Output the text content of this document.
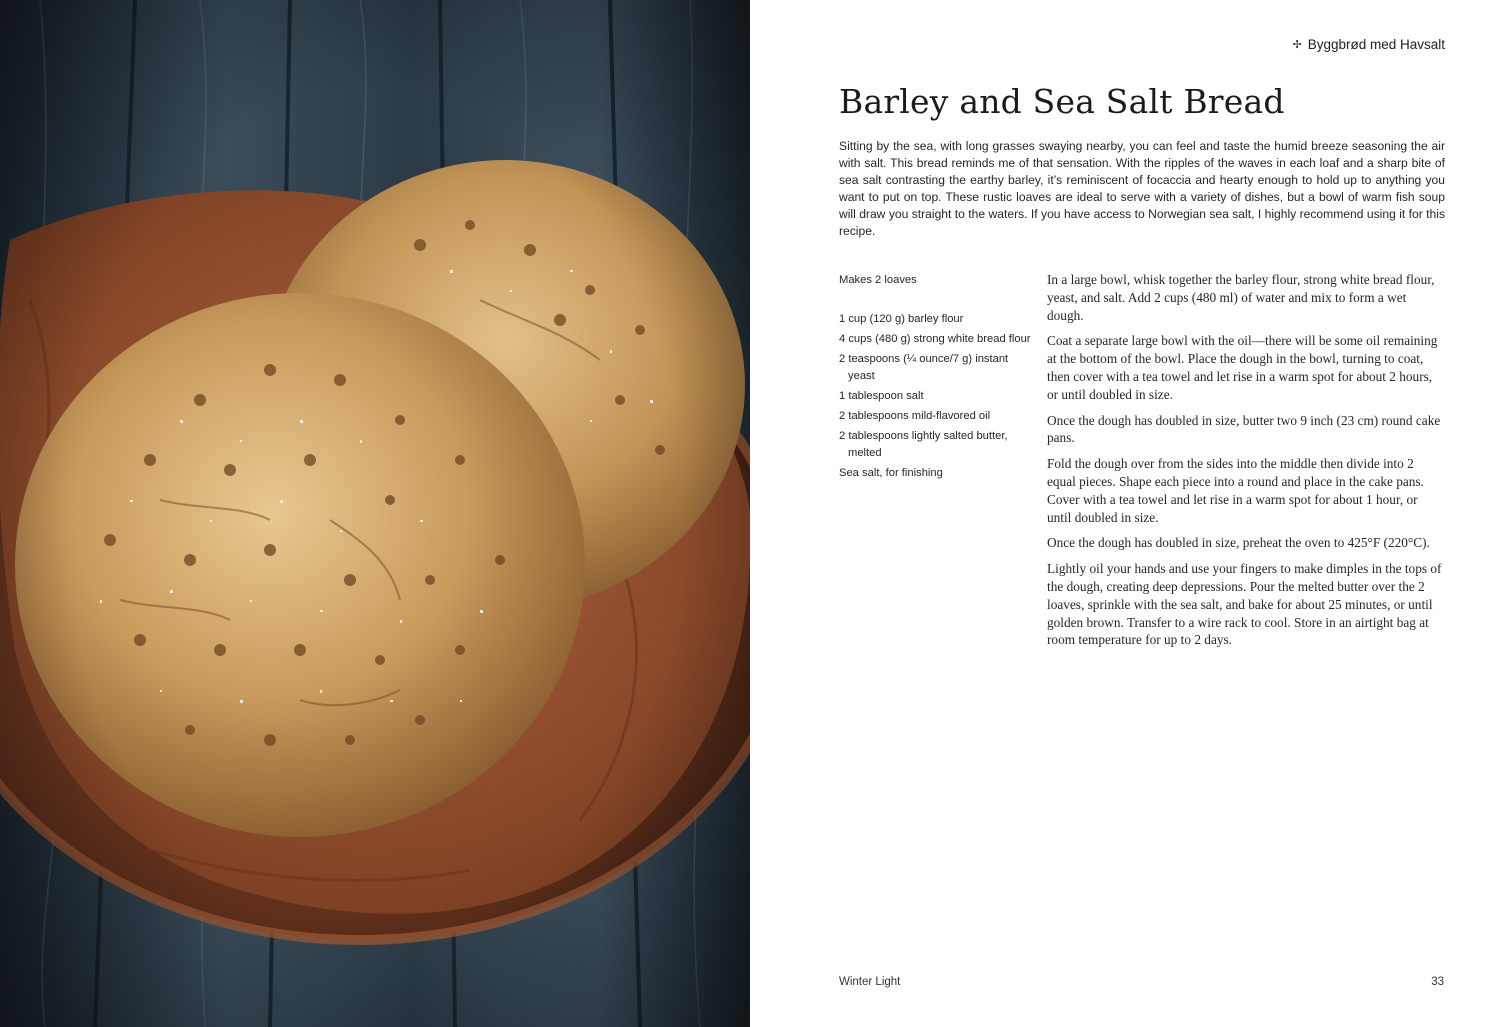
✢ Byggbrød med Havsalt
Barley and Sea Salt Bread

Sitting by the sea, with long grasses swaying nearby, you can feel and taste the humid breeze seasoning the air with salt. This bread reminds me of that sensation. With the ripples of the waves in each loaf and a sharp bite of sea salt contrasting the earthy barley, it’s reminiscent of focaccia and hearty enough to hold up to anything you want to put on top. These rustic loaves are ideal to serve with a variety of dishes, but a bowl of warm fish soup will draw you straight to the waters. If you have access to Norwegian sea salt, I highly recommend using it for this recipe.

Makes 2 loaves

1 cup (120 g) barley flour
4 cups (480 g) strong white bread flour
2 teaspoons (¼ ounce/7 g) instant yeast
1 tablespoon salt
2 tablespoons mild-flavored oil
2 tablespoons lightly salted butter, melted
Sea salt, for finishing

In a large bowl, whisk together the barley flour, strong white bread flour, yeast, and salt. Add 2 cups (480 ml) of water and mix to form a wet dough.

Coat a separate large bowl with the oil—there will be some oil remaining at the bottom of the bowl. Place the dough in the bowl, turning to coat, then cover with a tea towel and let rise in a warm spot for about 2 hours, or until doubled in size.

Once the dough has doubled in size, butter two 9 inch (23 cm) round cake pans.

Fold the dough over from the sides into the middle then divide into 2 equal pieces. Shape each piece into a round and place in the cake pans. Cover with a tea towel and let rise in a warm spot for about 1 hour, or until doubled in size.

Once the dough has doubled in size, preheat the oven to 425°F (220°C).

Lightly oil your hands and use your fingers to make dimples in the tops of the dough, creating deep depressions. Pour the melted butter over the 2 loaves, sprinkle with the sea salt, and bake for about 25 minutes, or until golden brown. Transfer to a wire rack to cool. Store in an airtight bag at room temperature for up to 2 days.

Winter Light	33
